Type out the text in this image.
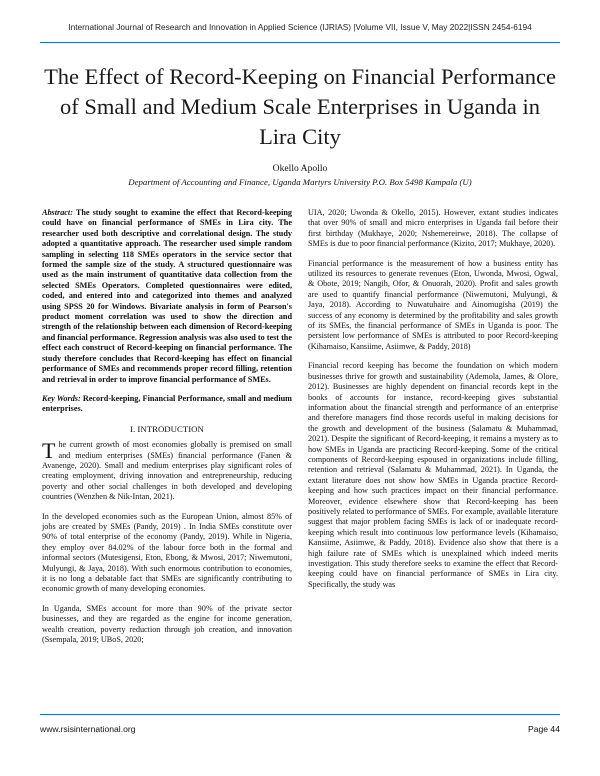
International Journal of Research and Innovation in Applied Science (IJRIAS) |Volume VII, Issue V, May 2022|ISSN 2454-6194
The Effect of Record-Keeping on Financial Performance of Small and Medium Scale Enterprises in Uganda in Lira City
Okello Apollo
Department of Accounting and Finance, Uganda Martyrs University P.O. Box 5498 Kampala (U)

Abstract: The study sought to examine the effect that Record-keeping could have on financial performance of SMEs in Lira city. The researcher used both descriptive and correlational design. The study adopted a quantitative approach. The researcher used simple random sampling in selecting 118 SMEs operators in the service sector that formed the sample size of the study. A structured questionnaire was used as the main instrument of quantitative data collection from the selected SMEs Operators. Completed questionnaires were edited, coded, and entered into and categorized into themes and analyzed using SPSS 20 for Windows. Bivariate analysis in form of Pearson's product moment correlation was used to show the direction and strength of the relationship between each dimension of Record-keeping and financial performance. Regression analysis was also used to test the effect each construct of Record-keeping on financial performance. The study therefore concludes that Record-keeping has effect on financial performance of SMEs and recommends proper record filling, retention and retrieval in order to improve financial performance of SMEs.

Key Words: Record-keeping, Financial Performance, small and medium enterprises.

I. INTRODUCTION

The current growth of most economies globally is premised on small and medium enterprises (SMEs) financial performance (Fanen & Avanenge, 2020). Small and medium enterprises play significant roles of creating employment, driving innovation and entrepreneurship, reducing poverty and other social challenges in both developed and developing countries (Wenzhen & Nik-Intan, 2021).

In the developed economies such as the European Union, almost 85% of jobs are created by SMEs (Pandy, 2019) . In India SMEs constitute over 90% of total enterprise of the economy (Pandy, 2019). While in Nigeria, they employ over 84.02% of the labour force both in the formal and informal sectors (Mutesigensi, Eton, Ebong, & Mwosi, 2017; Niwemutoni, Mulyungi, & Jaya, 2018). With such enormous contribution to economies, it is no long a debatable fact that SMEs are significantly contributing to economic growth of many developing economies.

In Uganda, SMEs account for more than 90% of the private sector businesses, and they are regarded as the engine for income generation, wealth creation, poverty reduction through job creation, and innovation (Ssempala, 2019; UBoS, 2020;

UIA, 2020; Uwonda & Okello, 2015). However, extant studies indicates that over 90% of small and micro enterprises in Uganda fail before their first birthday (Mukhaye, 2020; Nshemereirwe, 2018). The collapse of SMEs is due to poor financial performance (Kizito, 2017; Mukhaye, 2020).

Financial performance is the measurement of how a business entity has utilized its resources to generate revenues (Eton, Uwonda, Mwosi, Ogwal, & Obote, 2019; Nangih, Ofor, & Onuorah, 2020). Profit and sales growth are used to quantify financial performance (Niwemutoni, Mulyungi, & Jaya, 2018). According to Nuwatuhaire and Ainomugisha (2019) the success of any economy is determined by the profitability and sales growth of its SMEs, the financial performance of SMEs in Uganda is poor. The persistent low performance of SMEs is attributed to poor Record-keeping (Kihamaiso, Kansiime, Asiimwe, & Paddy, 2018)

Financial record keeping has become the foundation on which modern businesses thrive for growth and sustainability (Ademola, James, & Olore, 2012). Businesses are highly dependent on financial records kept in the books of accounts for instance, record-keeping gives substantial information about the financial strength and performance of an enterprise and therefore managers find those records useful in making decisions for the growth and development of the business (Salamatu & Muhammad, 2021). Despite the significant of Record-keeping, it remains a mystery as to how SMEs in Uganda are practicing Record-keeping. Some of the critical components of Record-keeping espoused in organizations include filling, retention and retrieval (Salamatu & Muhammad, 2021). In Uganda, the extant literature does not show how SMEs in Uganda practice Record-keeping and how such practices impact on their financial performance. Moreover, evidence elsewhere show that Record-keeping has been positively related to performance of SMEs. For example, available literature suggest that major problem facing SMEs is lack of or inadequate record-keeping which result into continuous low performance levels (Kihamaiso, Kansiime, Asiimwe, & Paddy, 2018). Evidence also show that there is a high failure rate of SMEs which is unexplained which indeed merits investigation. This study therefore seeks to examine the effect that Record-keeping could have on financial performance of SMEs in Lira city. Specifically, the study was

www.rsisinternational.org	Page 44
